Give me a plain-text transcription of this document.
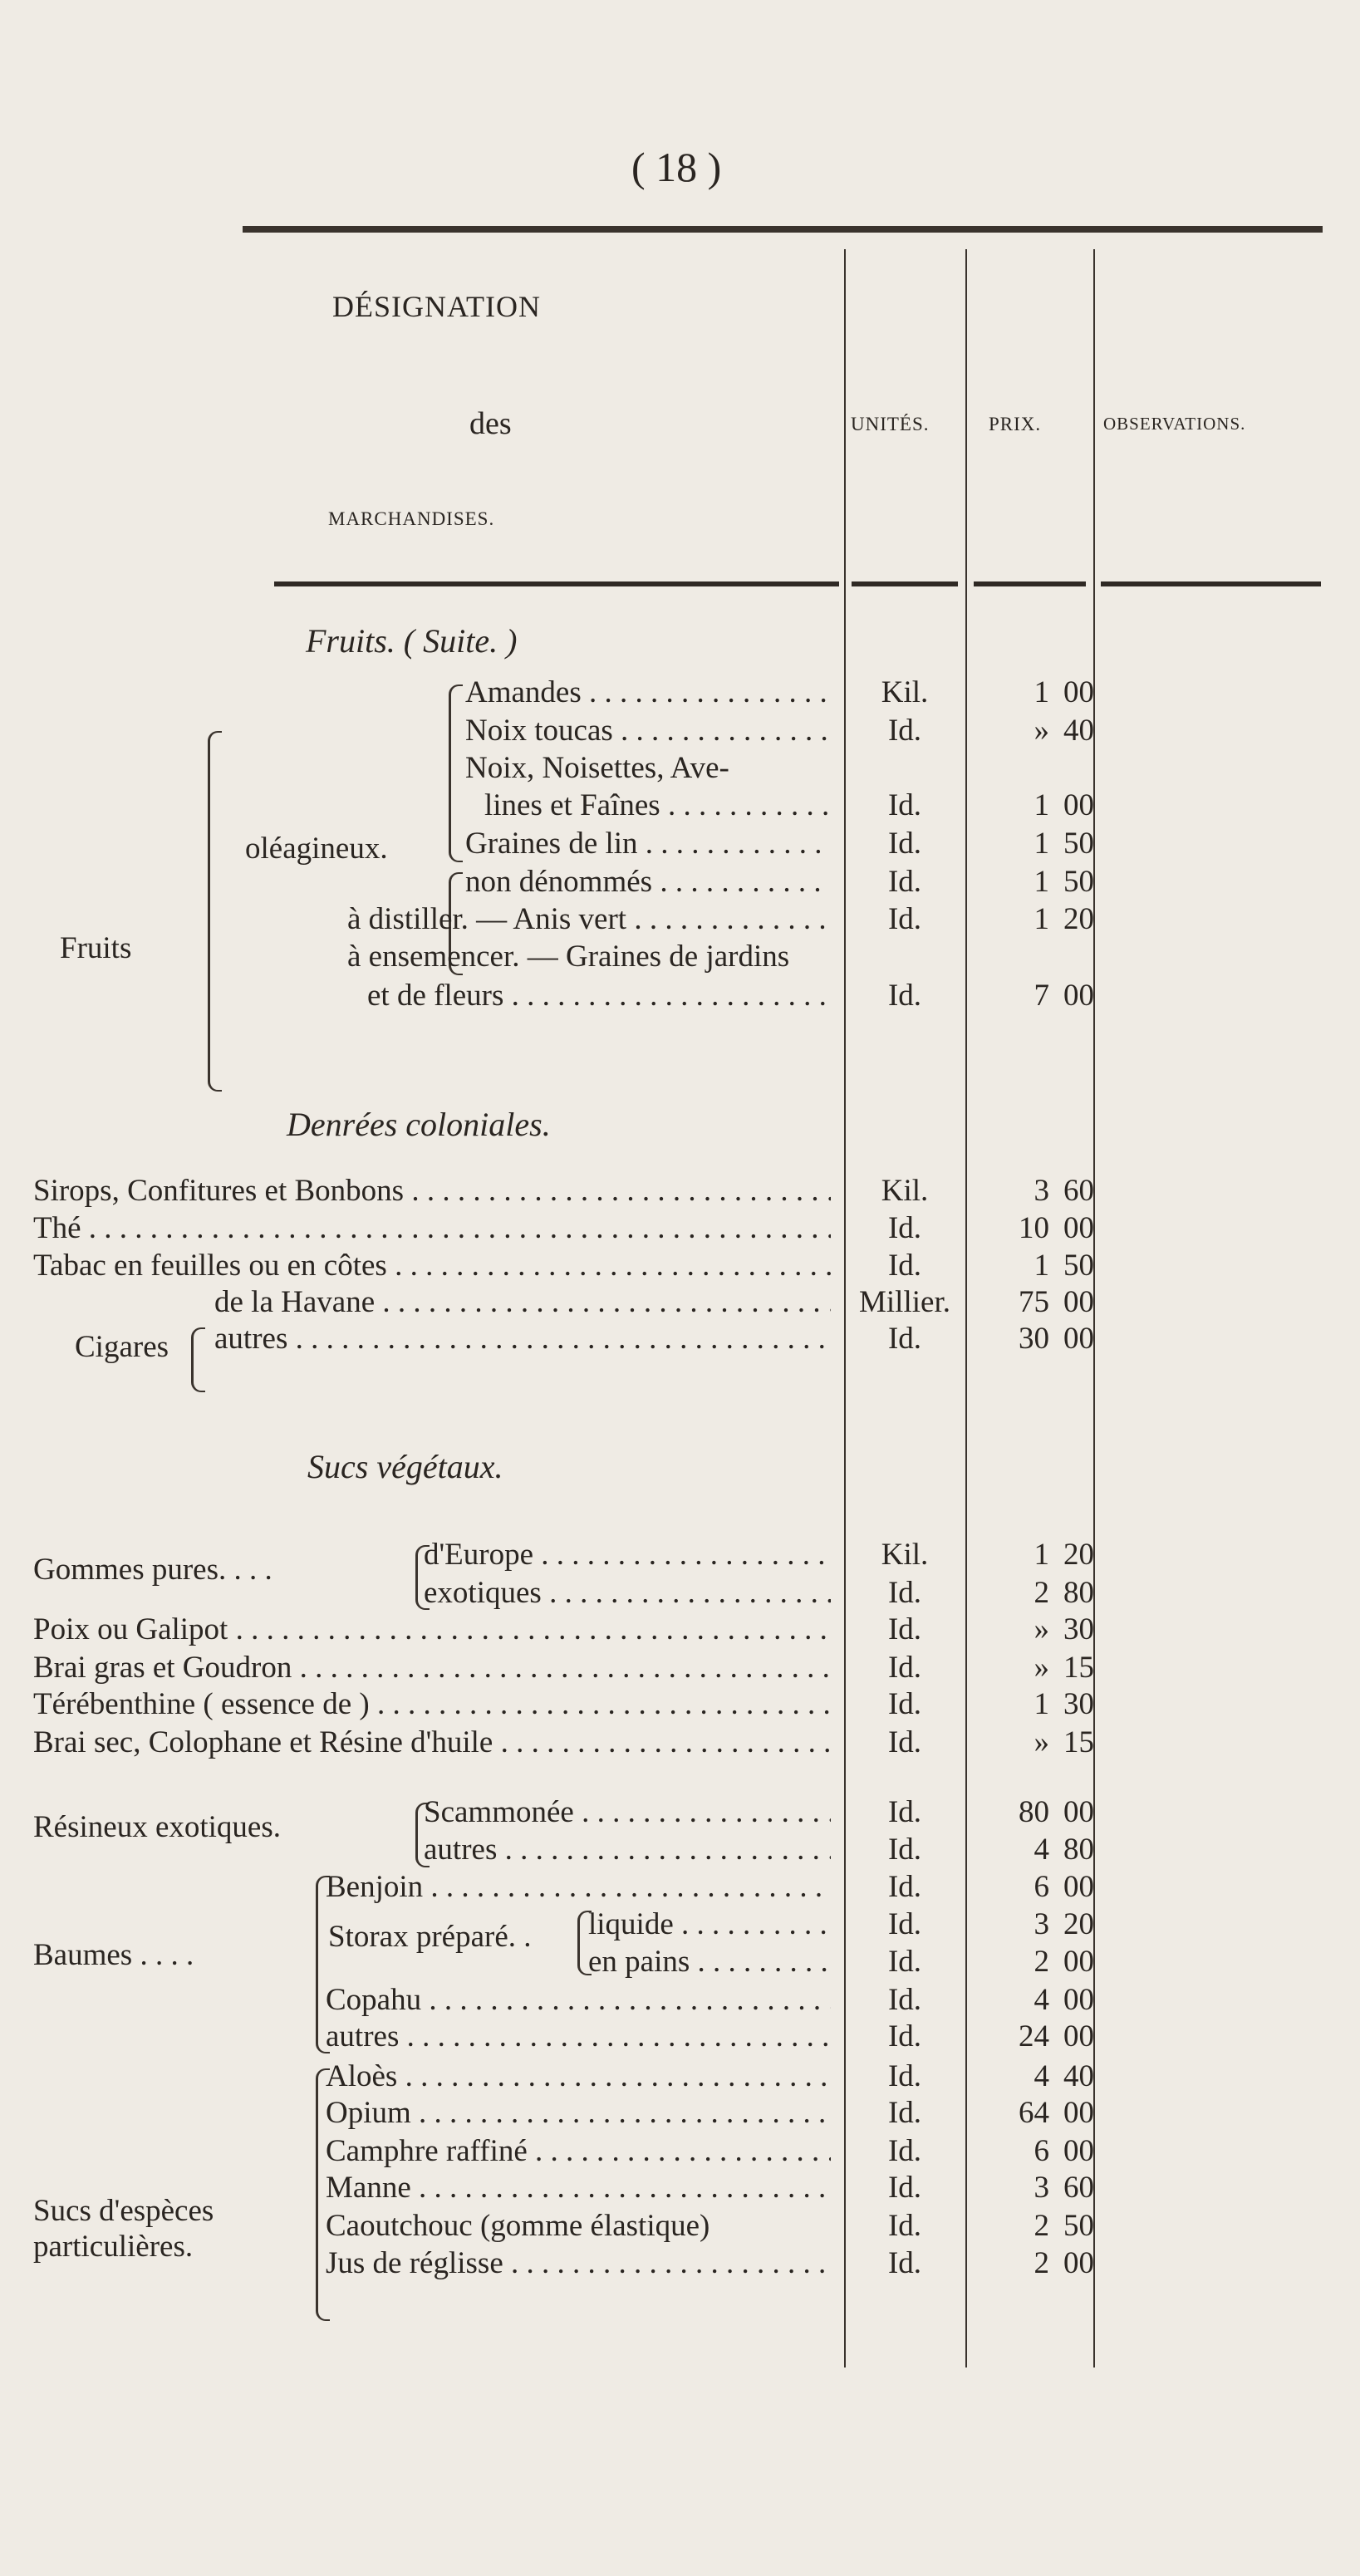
( 18 )
DÉSIGNATION
des
MARCHANDISES.
UNITÉS.	PRIX.	OBSERVATIONS.
Fruits. ( Suite. )
Denrées coloniales.
Sucs végétaux.
Fruits
oléagineux.
Cigares
Gommes pures. . . .
Résineux exotiques.
Baumes . . . .
Storax préparé. .
Sucs d'espèces
particulières.
Amandes . . .	Kil.	1 00
Noix toucas . . .	Id.	» 40
Noix, Noisettes, Ave-
lines et Faînes . . .	Id.	1 00
Graines de lin . . .	Id.	1 50
non dénommés . . .	Id.	1 50
à distiller. — Anis vert . . .	Id.	1 20
à ensemencer. — Graines de jardins
et de fleurs . . .	Id.	7 00
Sirops, Confitures et Bonbons . . .	Kil.	3 60
Thé . . .	Id.	10 00
Tabac en feuilles ou en côtes . . .	Id.	1 50
de la Havane . . .	Millier.	75 00
autres . . .	Id.	30 00
d'Europe . . .	Kil.	1 20
exotiques . . .	Id.	2 80
Poix ou Galipot . . .	Id.	» 30
Brai gras et Goudron . . .	Id.	» 15
Térébenthine ( essence de ) . . .	Id.	1 30
Brai sec, Colophane et Résine d'huile . . .	Id.	» 15
Scammonée . . .	Id.	80 00
autres . . .	Id.	4 80
Benjoin . . .	Id.	6 00
liquide . . .	Id.	3 20
en pains . . .	Id.	2 00
Copahu . . .	Id.	4 00
autres . . .	Id.	24 00
Aloès . . .	Id.	4 40
Opium . . .	Id.	64 00
Camphre raffiné . . .	Id.	6 00
Manne . . .	Id.	3 60
Caoutchouc (gomme élastique)	Id.	2 50
Jus de réglisse . . .	Id.	2 00
